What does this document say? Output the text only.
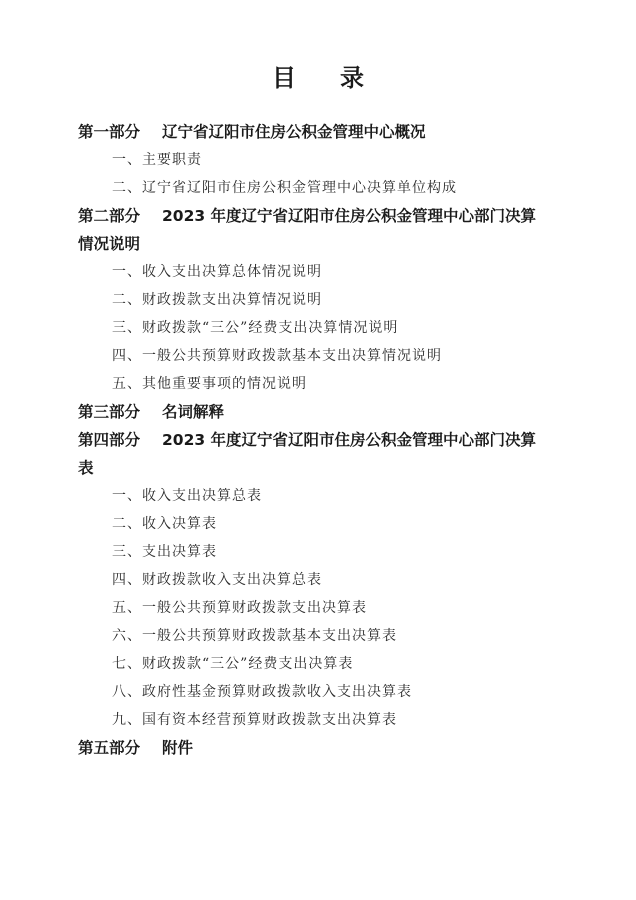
目 录
第一部分 辽宁省辽阳市住房公积金管理中心概况
一、主要职责
二、辽宁省辽阳市住房公积金管理中心决算单位构成
第二部分 2023 年度辽宁省辽阳市住房公积金管理中心部门决算
情况说明
一、收入支出决算总体情况说明
二、财政拨款支出决算情况说明
三、财政拨款“三公”经费支出决算情况说明
四、一般公共预算财政拨款基本支出决算情况说明
五、其他重要事项的情况说明
第三部分 名词解释
第四部分 2023 年度辽宁省辽阳市住房公积金管理中心部门决算
表
一、收入支出决算总表
二、收入决算表
三、支出决算表
四、财政拨款收入支出决算总表
五、一般公共预算财政拨款支出决算表
六、一般公共预算财政拨款基本支出决算表
七、财政拨款“三公”经费支出决算表
八、政府性基金预算财政拨款收入支出决算表
九、国有资本经营预算财政拨款支出决算表
第五部分 附件
